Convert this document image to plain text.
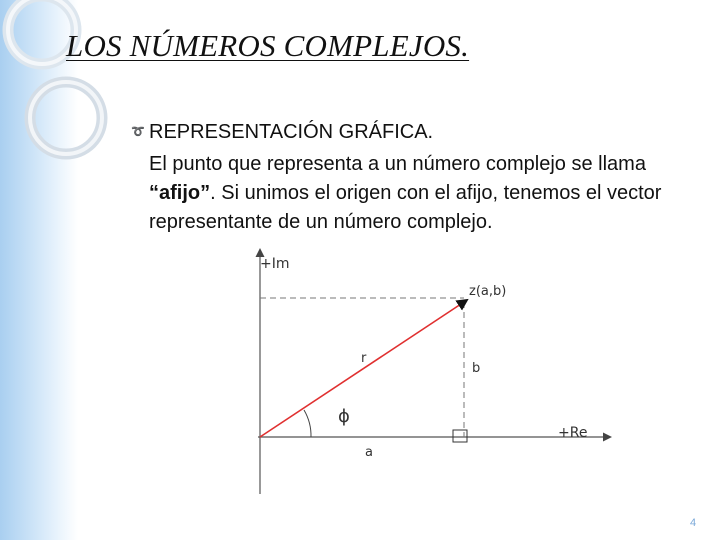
LOS NÚMEROS COMPLEJOS.
➰ REPRESENTACIÓN GRÁFICA.
El punto que representa a un número complejo se llama “afijo”. Si unimos el origen con el afijo, tenemos el vector representante de un número complejo.
+Im
+Re
z(a,b)
r
ɸ
a
b
4
